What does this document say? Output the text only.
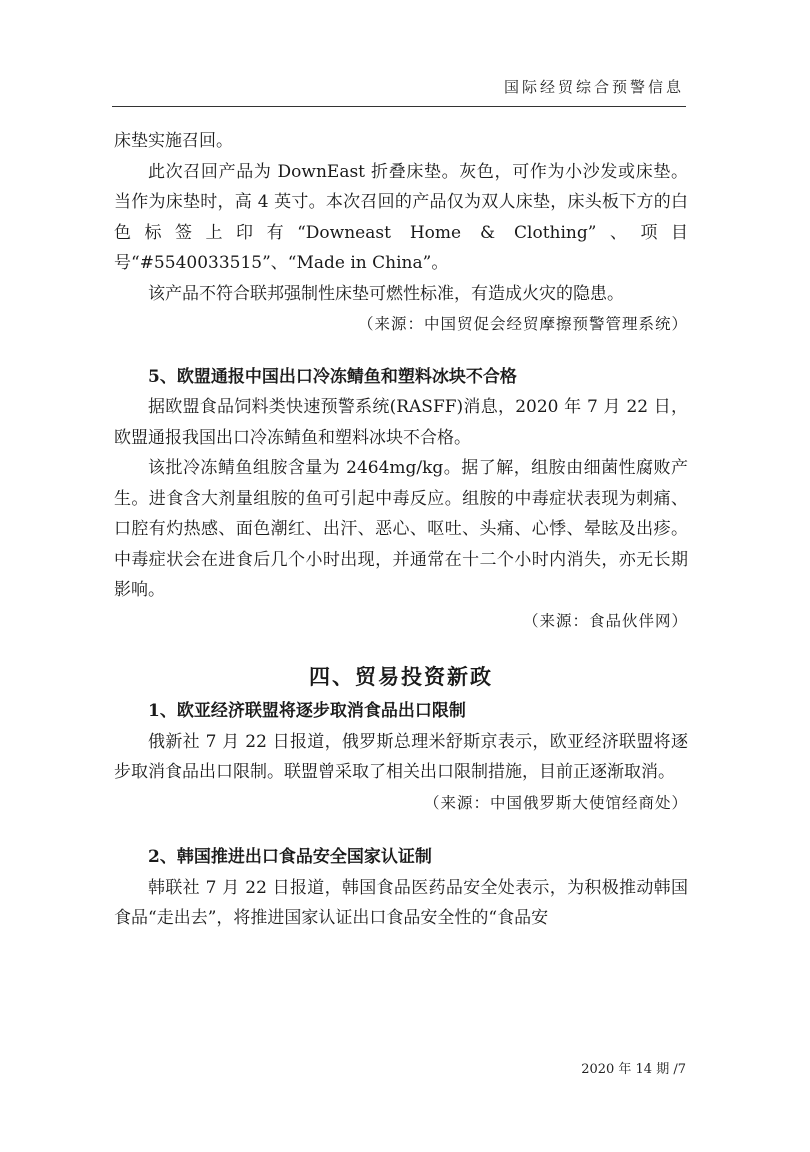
国际经贸综合预警信息

床垫实施召回。

此次召回产品为 DownEast 折叠床垫。灰色，可作为小沙发或床垫。当作为床垫时，高 4 英寸。本次召回的产品仅为双人床垫，床头板下方的白色标签上印有“Downeast Home & Clothing”、项目号“#5540033515”、“Made in China”。

该产品不符合联邦强制性床垫可燃性标准，有造成火灾的隐患。

（来源：中国贸促会经贸摩擦预警管理系统）

5、欧盟通报中国出口冷冻鲭鱼和塑料冰块不合格

据欧盟食品饲料类快速预警系统(RASFF)消息，2020 年 7 月 22 日，欧盟通报我国出口冷冻鲭鱼和塑料冰块不合格。

该批冷冻鲭鱼组胺含量为 2464mg/kg。据了解，组胺由细菌性腐败产生。进食含大剂量组胺的鱼可引起中毒反应。组胺的中毒症状表现为刺痛、口腔有灼热感、面色潮红、出汗、恶心、呕吐、头痛、心悸、晕眩及出疹。中毒症状会在进食后几个小时出现，并通常在十二个小时内消失，亦无长期影响。

（来源：食品伙伴网）

四、贸易投资新政

1、欧亚经济联盟将逐步取消食品出口限制

俄新社 7 月 22 日报道，俄罗斯总理米舒斯京表示，欧亚经济联盟将逐步取消食品出口限制。联盟曾采取了相关出口限制措施，目前正逐渐取消。

（来源：中国俄罗斯大使馆经商处）

2、韩国推进出口食品安全国家认证制

韩联社 7 月 22 日报道，韩国食品医药品安全处表示，为积极推动韩国食品“走出去”，将推进国家认证出口食品安全性的“食品安

2020 年 14 期 /7
